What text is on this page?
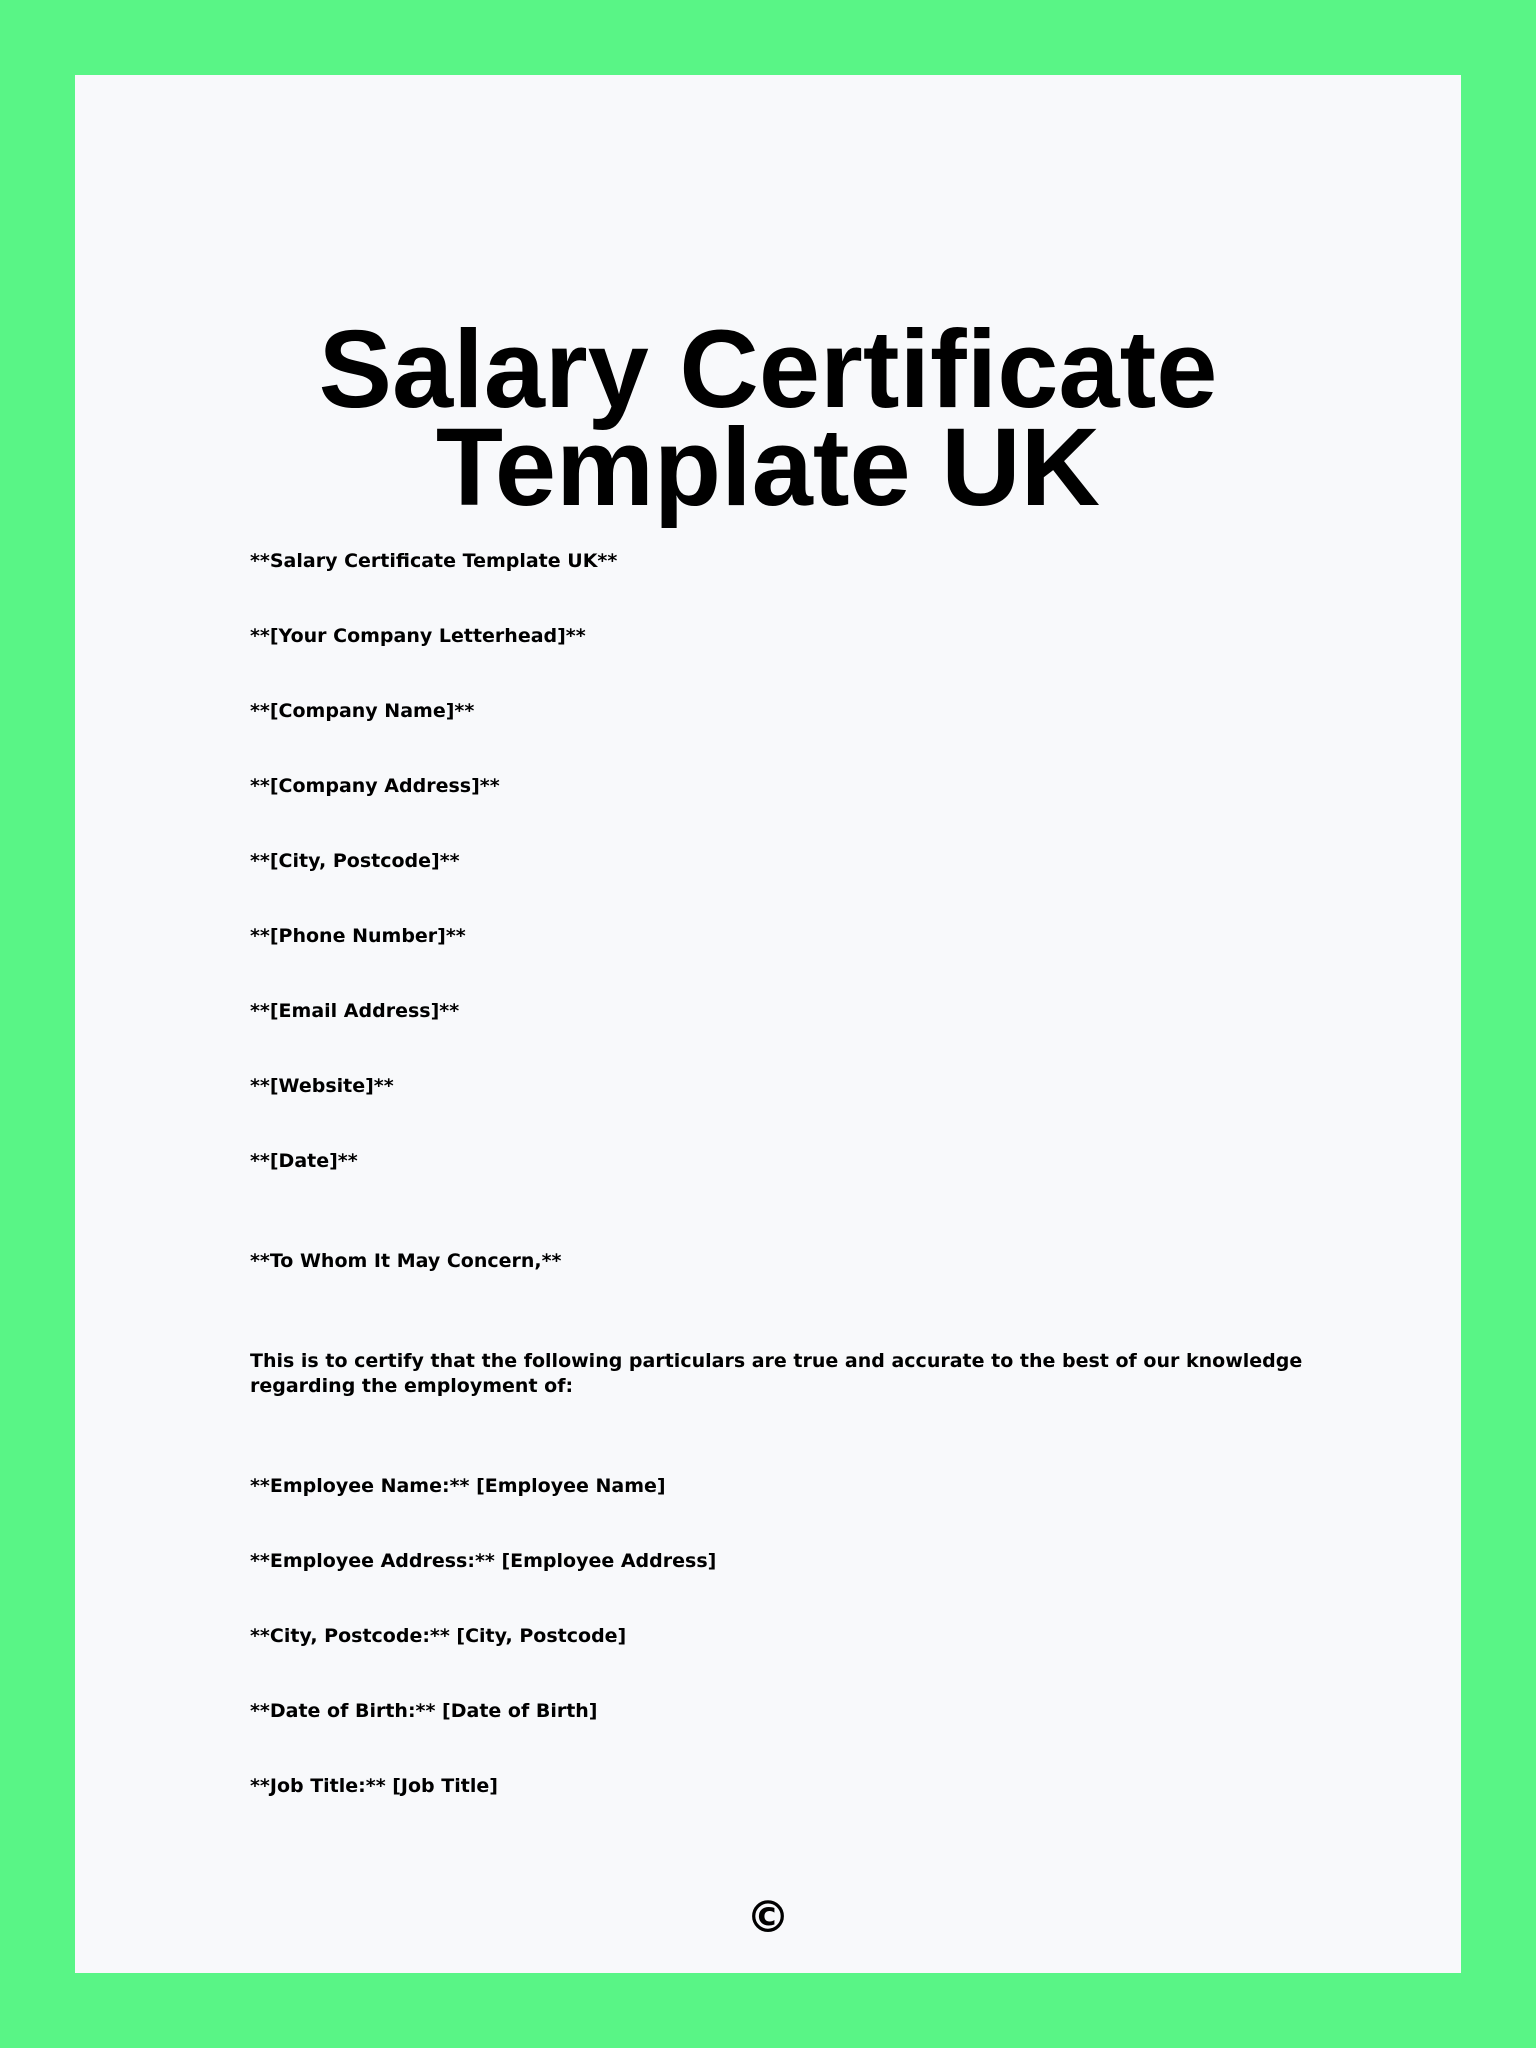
Salary Certificate Template UK

**Salary Certificate Template UK**

**[Your Company Letterhead]**

**[Company Name]**

**[Company Address]**

**[City, Postcode]**

**[Phone Number]**

**[Email Address]**

**[Website]**

**[Date]**

**To Whom It May Concern,**

This is to certify that the following particulars are true and accurate to the best of our knowledge regarding the employment of:

**Employee Name:** [Employee Name]

**Employee Address:** [Employee Address]

**City, Postcode:** [City, Postcode]

**Date of Birth:** [Date of Birth]

**Job Title:** [Job Title]

©
